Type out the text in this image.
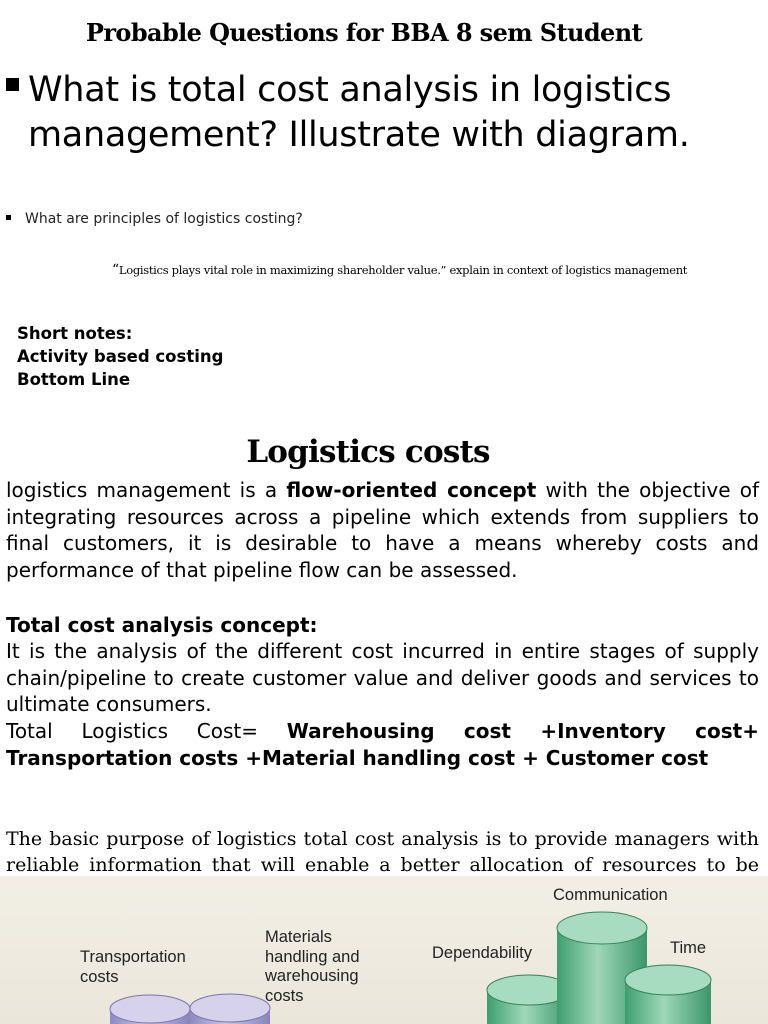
Probable Questions for BBA 8 sem Student
What is total cost analysis in logistics management? Illustrate with diagram.
What are principles of logistics costing?
“Logistics plays vital role in maximizing shareholder value.” explain in context of logistics management
Short notes:
Activity based costing
Bottom Line
Logistics costs
logistics management is a flow-oriented concept with the objective of integrating resources across a pipeline which extends from suppliers to final customers, it is desirable to have a means whereby costs and performance of that pipeline flow can be assessed.
Total cost analysis concept:
It is the analysis of the different cost incurred in entire stages of supply chain/pipeline to create customer value and deliver goods and services to ultimate consumers.
Total Logistics Cost= Warehousing cost +Inventory cost+ Transportation costs +Material handling cost + Customer cost
The basic purpose of logistics total cost analysis is to provide managers with reliable information that will enable a better allocation of resources to be
Transportation costs
Materials handling and warehousing costs
Dependability
Communication
Time
